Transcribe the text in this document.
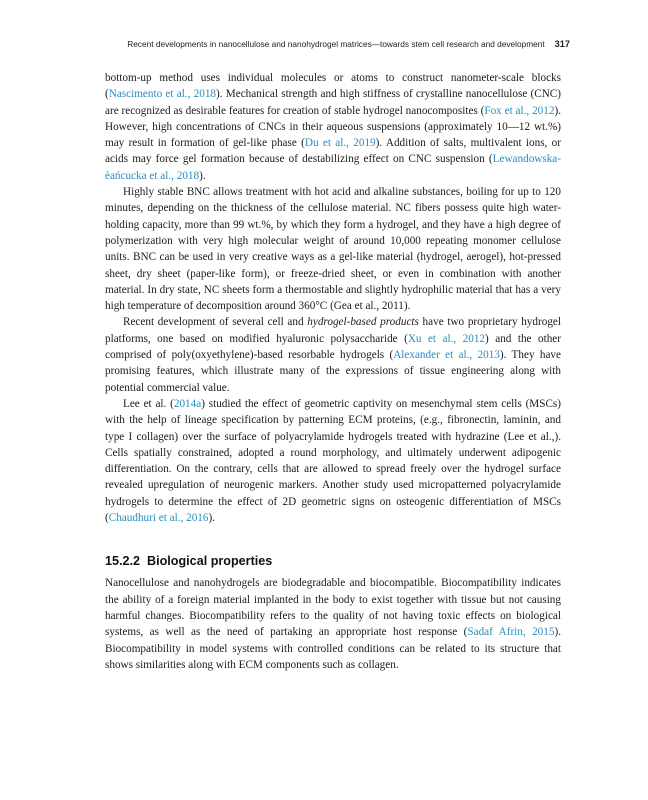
Recent developments in nanocellulose and nanohydrogel matrices—towards stem cell research and development 317

bottom-up method uses individual molecules or atoms to construct nanometer-scale blocks (Nascimento et al., 2018). Mechanical strength and high stiffness of crystalline nanocellulose (CNC) are recognized as desirable features for creation of stable hydrogel nanocomposites (Fox et al., 2012). However, high concentrations of CNCs in their aqueous suspensions (approximately 10—12 wt.%) may result in formation of gel-like phase (Du et al., 2019). Addition of salts, multivalent ions, or acids may force gel formation because of destabilizing effect on CNC suspension (Lewandowska-èańcucka et al., 2018).

Highly stable BNC allows treatment with hot acid and alkaline substances, boiling for up to 120 minutes, depending on the thickness of the cellulose material. NC fibers possess quite high water-holding capacity, more than 99 wt.%, by which they form a hydrogel, and they have a high degree of polymerization with very high molecular weight of around 10,000 repeating monomer cellulose units. BNC can be used in very creative ways as a gel-like material (hydrogel, aerogel), hot-pressed sheet, dry sheet (paper-like form), or freeze-dried sheet, or even in combination with another material. In dry state, NC sheets form a thermostable and slightly hydrophilic material that has a very high temperature of decomposition around 360°C (Gea et al., 2011).

Recent development of several cell and hydrogel-based products have two proprietary hydrogel platforms, one based on modified hyaluronic polysaccharide (Xu et al., 2012) and the other comprised of poly(oxyethylene)-based resorbable hydrogels (Alexander et al., 2013). They have promising features, which illustrate many of the expressions of tissue engineering along with potential commercial value.

Lee et al. (2014a) studied the effect of geometric captivity on mesenchymal stem cells (MSCs) with the help of lineage specification by patterning ECM proteins, (e.g., fibronectin, laminin, and type I collagen) over the surface of polyacrylamide hydrogels treated with hydrazine (Lee et al.,). Cells spatially constrained, adopted a round morphology, and ultimately underwent adipogenic differentiation. On the contrary, cells that are allowed to spread freely over the hydrogel surface revealed upregulation of neurogenic markers. Another study used micropatterned polyacrylamide hydrogels to determine the effect of 2D geometric signs on osteogenic differentiation of MSCs (Chaudhuri et al., 2016).

15.2.2 Biological properties

Nanocellulose and nanohydrogels are biodegradable and biocompatible. Biocompatibility indicates the ability of a foreign material implanted in the body to exist together with tissue but not causing harmful changes. Biocompatibility refers to the quality of not having toxic effects on biological systems, as well as the need of partaking an appropriate host response (Sadaf Afrin, 2015). Biocompatibility in model systems with controlled conditions can be related to its structure that shows similarities along with ECM components such as collagen.
